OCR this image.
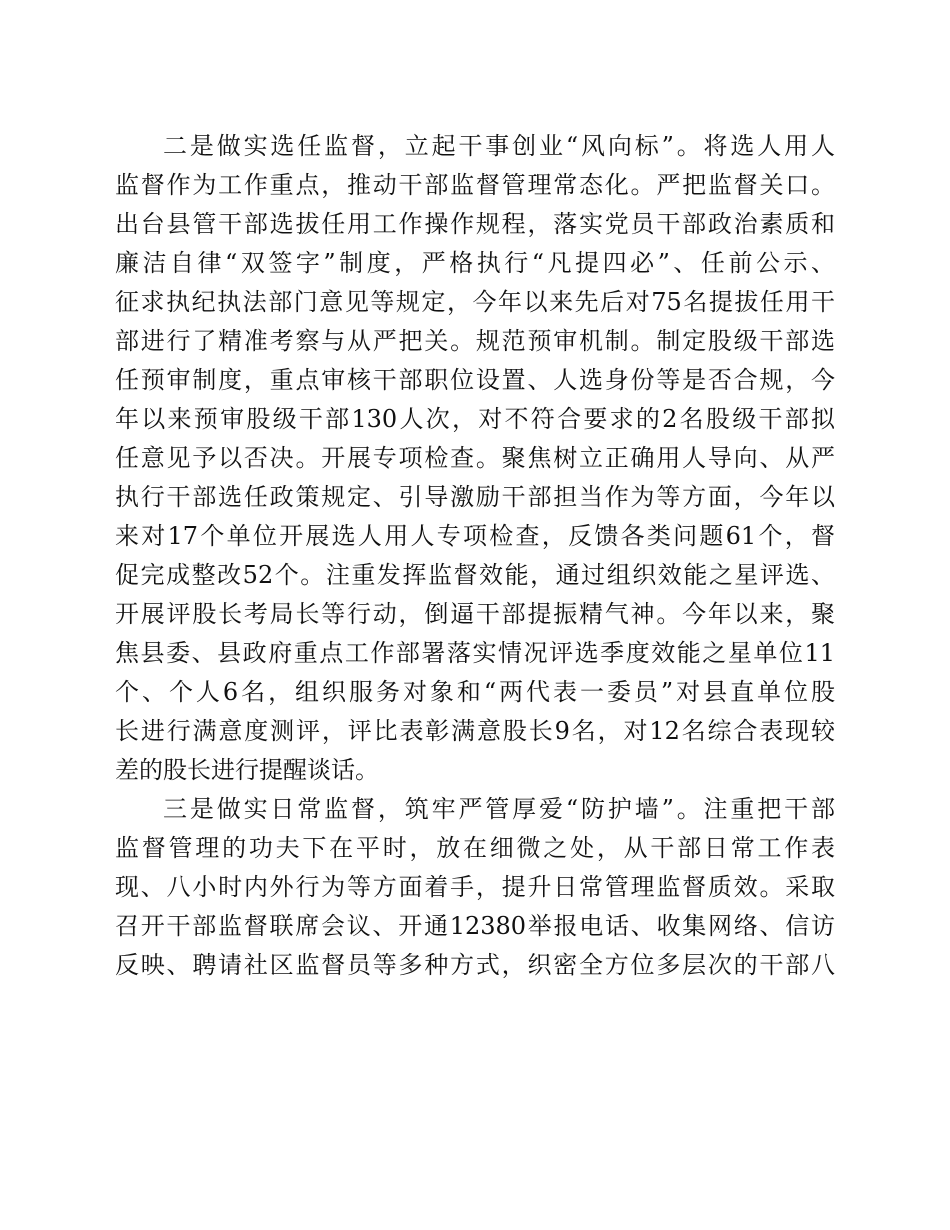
二是做实选任监督，立起干事创业“风向标”。将选人用人
监督作为工作重点，推动干部监督管理常态化。严把监督关口。
出台县管干部选拔任用工作操作规程，落实党员干部政治素质和
廉洁自律“双签字”制度，严格执行“凡提四必”、任前公示、
征求执纪执法部门意见等规定，今年以来先后对75名提拔任用干
部进行了精准考察与从严把关。规范预审机制。制定股级干部选
任预审制度，重点审核干部职位设置、人选身份等是否合规，今
年以来预审股级干部130人次，对不符合要求的2名股级干部拟
任意见予以否决。开展专项检查。聚焦树立正确用人导向、从严
执行干部选任政策规定、引导激励干部担当作为等方面，今年以
来对17个单位开展选人用人专项检查，反馈各类问题61个，督
促完成整改52个。注重发挥监督效能，通过组织效能之星评选、
开展评股长考局长等行动，倒逼干部提振精气神。今年以来，聚
焦县委、县政府重点工作部署落实情况评选季度效能之星单位11
个、个人6名，组织服务对象和“两代表一委员”对县直单位股
长进行满意度测评，评比表彰满意股长9名，对12名综合表现较
差的股长进行提醒谈话。
三是做实日常监督，筑牢严管厚爱“防护墙”。注重把干部
监督管理的功夫下在平时，放在细微之处，从干部日常工作表
现、八小时内外行为等方面着手，提升日常管理监督质效。采取
召开干部监督联席会议、开通12380举报电话、收集网络、信访
反映、聘请社区监督员等多种方式，织密全方位多层次的干部八
